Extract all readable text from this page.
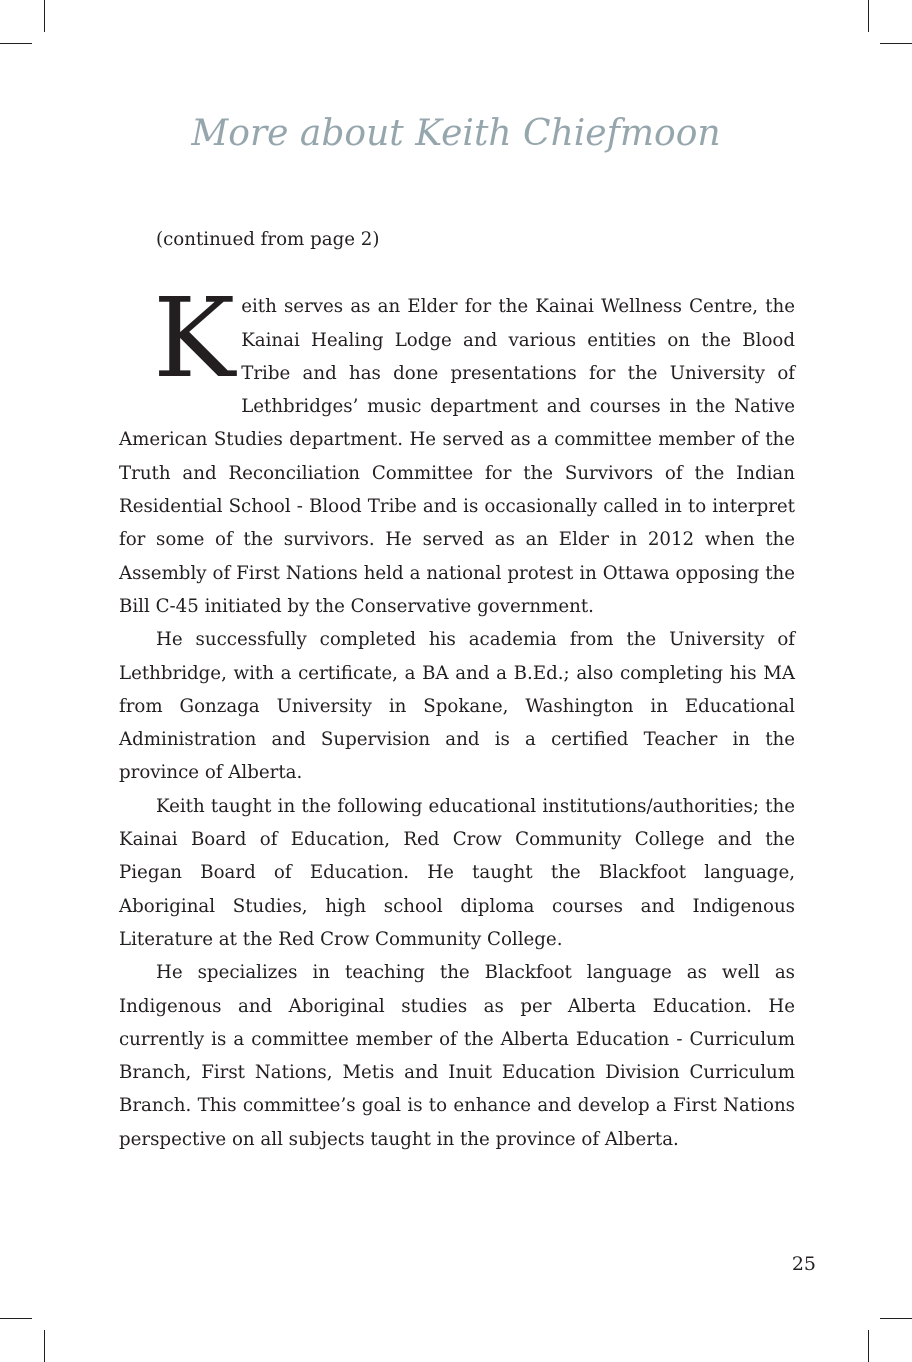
More about Keith Chiefmoon

(continued from page 2)

Keith serves as an Elder for the Kainai Wellness Centre, the Kainai Healing Lodge and various entities on the Blood Tribe and has done presentations for the University of Lethbridges’ music department and courses in the Native American Studies department. He served as a committee member of the Truth and Reconciliation Committee for the Survivors of the Indian Residential School - Blood Tribe and is occasionally called in to interpret for some of the survivors. He served as an Elder in 2012 when the Assembly of First Nations held a national protest in Ottawa opposing the Bill C-45 initiated by the Conservative government.

He successfully completed his academia from the University of Lethbridge, with a certificate, a BA and a B.Ed.; also completing his MA from Gonzaga University in Spokane, Washington in Educational Administration and Supervision and is a certified Teacher in the province of Alberta.

Keith taught in the following educational institutions/authorities; the Kainai Board of Education, Red Crow Community College and the Piegan Board of Education. He taught the Blackfoot language, Aboriginal Studies, high school diploma courses and Indigenous Literature at the Red Crow Community College.

He specializes in teaching the Blackfoot language as well as Indigenous and Aboriginal studies as per Alberta Education. He currently is a committee member of the Alberta Education - Curriculum Branch, First Nations, Metis and Inuit Education Division Curriculum Branch. This committee’s goal is to enhance and develop a First Nations perspective on all subjects taught in the province of Alberta.

25
